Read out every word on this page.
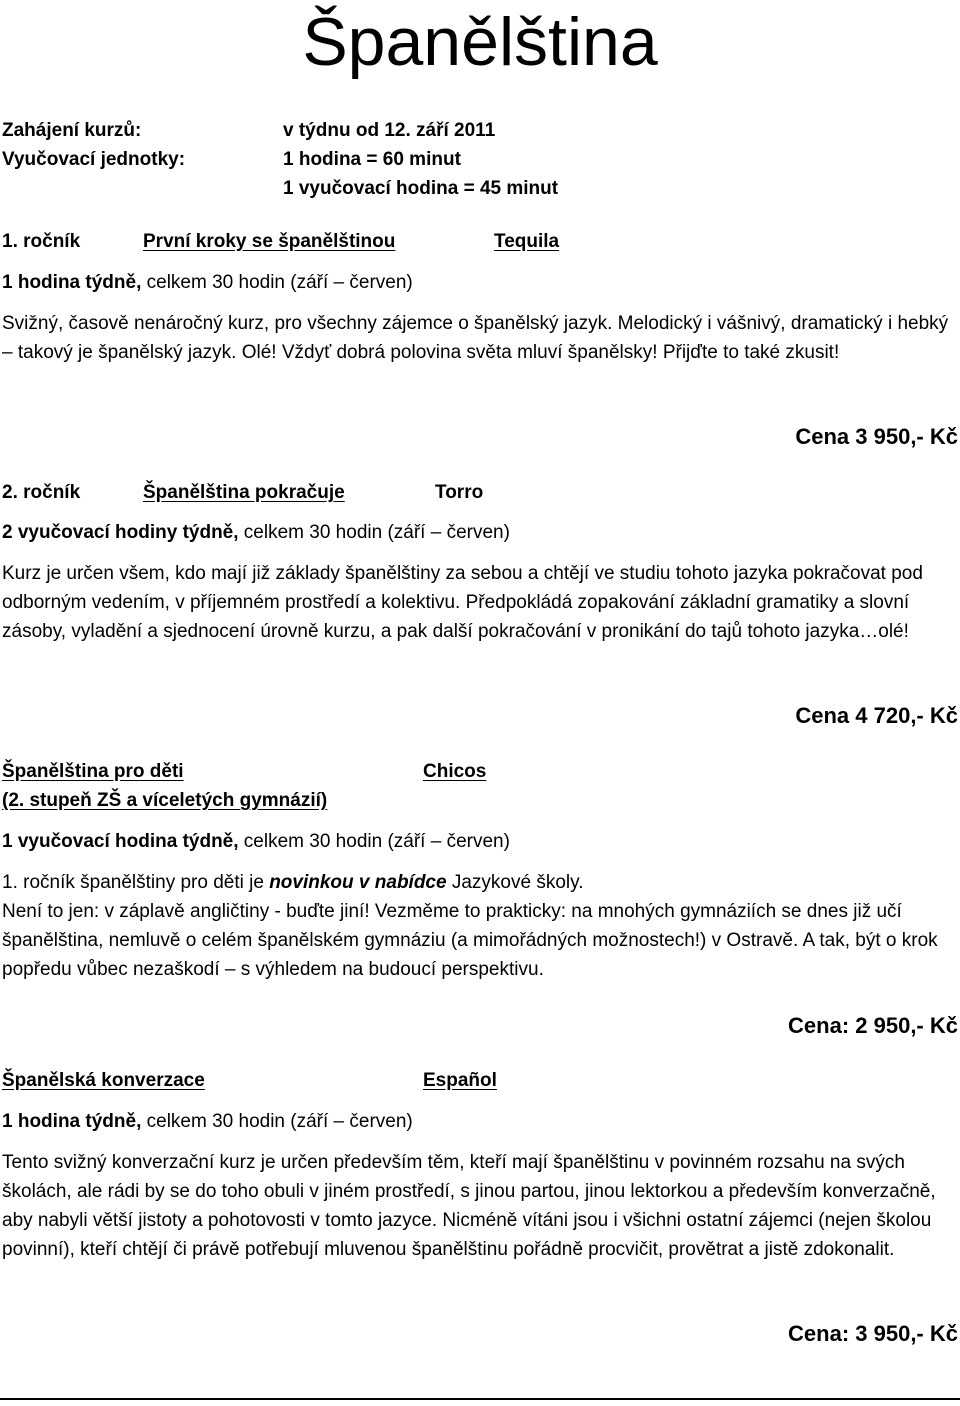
Španělština
Zahájení kurzů:	v týdnu od 12. září 2011
Vyučovací jednotky:	1 hodina = 60 minut
1 vyučovací hodina = 45 minut
1. ročník	První kroky se španělštinou	Tequila
1 hodina týdně, celkem 30 hodin (září – červen)
Svižný, časově nenáročný kurz, pro všechny zájemce o španělský jazyk. Melodický i vášnivý, dramatický i hebký – takový je španělský jazyk. Olé! Vždyť dobrá polovina světa mluví španělsky! Přijďte to také zkusit!
Cena 3 950,- Kč
2. ročník	Španělština pokračuje	Torro
2 vyučovací hodiny týdně, celkem 30 hodin (září – červen)
Kurz je určen všem, kdo mají již základy španělštiny za sebou a chtějí ve studiu tohoto jazyka pokračovat pod odborným vedením, v příjemném prostředí a kolektivu. Předpokládá zopakování základní gramatiky a slovní zásoby, vyladění a sjednocení úrovně kurzu, a pak další pokračování v pronikání do tajů tohoto jazyka…olé!
Cena 4 720,- Kč
Španělština pro děti	Chicos
(2. stupeň ZŠ a víceletých gymnázií)
1 vyučovací hodina týdně, celkem 30 hodin (září – červen)
1. ročník španělštiny pro děti je novinkou v nabídce Jazykové školy.
Není to jen: v záplavě angličtiny - buďte jiní! Vezměme to prakticky: na mnohých gymnáziích se dnes již učí španělština, nemluvě o celém španělském gymnáziu (a mimořádných možnostech!) v Ostravě. A tak, být o krok popředu vůbec nezaškodí – s výhledem na budoucí perspektivu.
Cena: 2 950,- Kč
Španělská konverzace	Español
1 hodina týdně, celkem 30 hodin (září – červen)
Tento svižný konverzační kurz je určen především těm, kteří mají španělštinu v povinném rozsahu na svých školách, ale rádi by se do toho obuli v jiném prostředí, s jinou partou, jinou lektorkou a především konverzačně, aby nabyli větší jistoty a pohotovosti v tomto jazyce. Nicméně vítáni jsou i všichni ostatní zájemci (nejen školou povinní), kteří chtějí či právě potřebují mluvenou španělštinu pořádně procvičit, provětrat a jistě zdokonalit.
Cena: 3 950,- Kč
